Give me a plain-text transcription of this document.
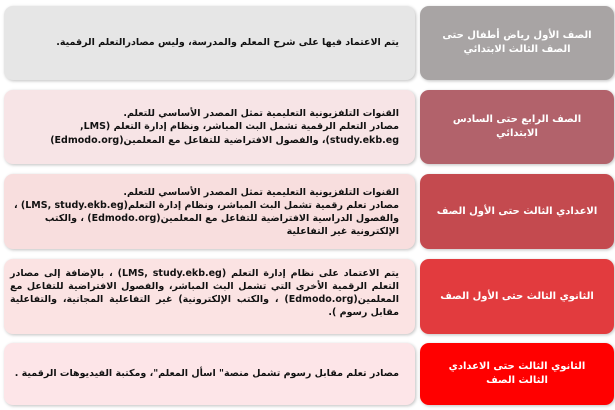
يتم الاعتماد فيها على شرح المعلم والمدرسة، وليس مصادرالتعلم الرقمية.

الصف الأول رياض أطفال حتى الصف الثالث الابتدائي

القنوات التلفزيونية التعليمية تمثل المصدر الأساسي للتعلم.

مصادر التعلم الرقمية تشمل البث المباشر، ونظام إدارة التعلم (LMS,

study.ekb.eg)، والفصول الافتراضية للتفاعل مع المعلمين(Edmodo.org)

الصف الرابع حتى السادس الابتدائي

القنوات التلفزيونية التعليمية تمثل المصدر الأساسي للتعلم.

مصادر تعلم رقمية تشمل البث المباشر، ونظام إدارة التعلم(LMS, study.ekb.eg) ،

والفصول الدراسية الافتراضية للتفاعل مع المعلمين(Edmodo.org) ، والكتب

الإلكترونية غير التفاعلية

الاعدادي الثالث حتى الأول الصف

يتم الاعتماد على نظام إدارة التعلم (LMS, study.ekb.eg) ، بالإضافة إلى مصادر التعلم الرقمية الأخرى التي تشمل البث المباشر، والفصول الافتراضية للتفاعل مع المعلمين(Edmodo.org) ، والكتب الإلكترونية) غير التفاعلية المجانية، والتفاعلية مقابل رسوم ).

الثانوي الثالث حتى الأول الصف

مصادر تعلم مقابل رسوم تشمل منصة" اسأل المعلم"، ومكتبة الفيديوهات الرقمية .

الثانوي الثالث حتى الاعدادي الثالث الصف
